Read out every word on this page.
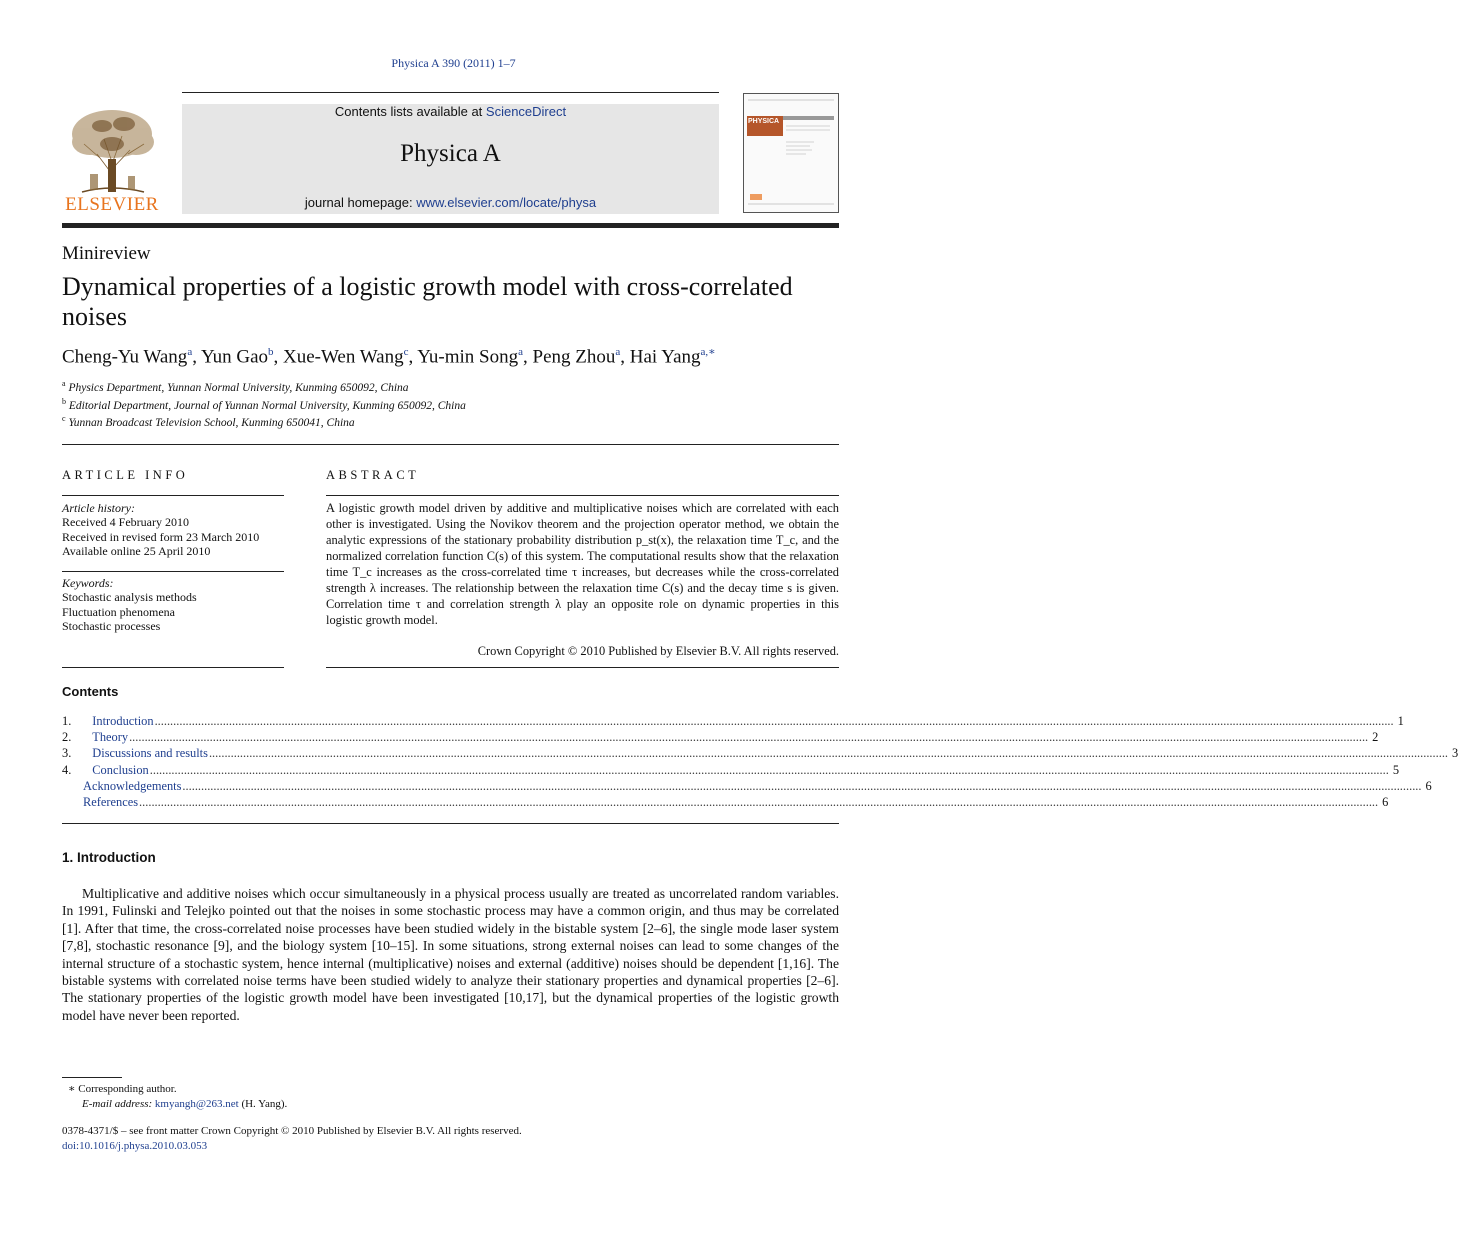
Physica A 390 (2011) 1–7
ELSEVIER
Contents lists available at ScienceDirect
Physica A
journal homepage: www.elsevier.com/locate/physa
PHYSICA
Minireview
Dynamical properties of a logistic growth model with cross-correlated noises
Cheng-Yu Wang$^a$, Yun Gao$^b$, Xue-Wen Wang$^c$, Yu-min Song$^a$, Peng Zhou$^a$, Hai Yang$^{a,∗}$
$^a$ Physics Department, Yunnan Normal University, Kunming 650092, China
$^b$ Editorial Department, Journal of Yunnan Normal University, Kunming 650092, China
$^c$ Yunnan Broadcast Television School, Kunming 650041, China
ARTICLE INFO
Article history:
Received 4 February 2010
Received in revised form 23 March 2010
Available online 25 April 2010
Keywords:
Stochastic analysis methods
Fluctuation phenomena
Stochastic processes
ABSTRACT
A logistic growth model driven by additive and multiplicative noises which are correlated with each other is investigated. Using the Novikov theorem and the projection operator method, we obtain the analytic expressions of the stationary probability distribution p_st(x), the relaxation time T_c, and the normalized correlation function C(s) of this system. The computational results show that the relaxation time T_c increases as the cross-correlated time τ increases, but decreases while the cross-correlated strength λ increases. The relationship between the relaxation time C(s) and the decay time s is given. Correlation time τ and correlation strength λ play an opposite role on dynamic properties in this logistic growth model.
Crown Copyright © 2010 Published by Elsevier B.V. All rights reserved.
Contents
1. Introduction ................................................................................................................................................................................................................................................................................................................................................................................................................ 1
2. Theory ................................................................................................................................................................................................................................................................................................................................................................................................................ 2
3. Discussions and results ................................................................................................................................................................................................................................................................................................................................................................................................................ 3
4. Conclusion ................................................................................................................................................................................................................................................................................................................................................................................................................ 5
Acknowledgements ................................................................................................................................................................................................................................................................................................................................................................................................................ 6
References ................................................................................................................................................................................................................................................................................................................................................................................................................ 6
1. Introduction
Multiplicative and additive noises which occur simultaneously in a physical process usually are treated as uncorrelated random variables. In 1991, Fulinski and Telejko pointed out that the noises in some stochastic process may have a common origin, and thus may be correlated [1]. After that time, the cross-correlated noise processes have been studied widely in the bistable system [2–6], the single mode laser system [7,8], stochastic resonance [9], and the biology system [10–15]. In some situations, strong external noises can lead to some changes of the internal structure of a stochastic system, hence internal (multiplicative) noises and external (additive) noises should be dependent [1,16]. The bistable systems with correlated noise terms have been studied widely to analyze their stationary properties and dynamical properties [2–6]. The stationary properties of the logistic growth model have been investigated [10,17], but the dynamical properties of the logistic growth model have never been reported.
∗ Corresponding author.
E-mail address: kmyangh@263.net (H. Yang).
0378-4371/$ – see front matter Crown Copyright © 2010 Published by Elsevier B.V. All rights reserved.
doi:10.1016/j.physa.2010.03.053
